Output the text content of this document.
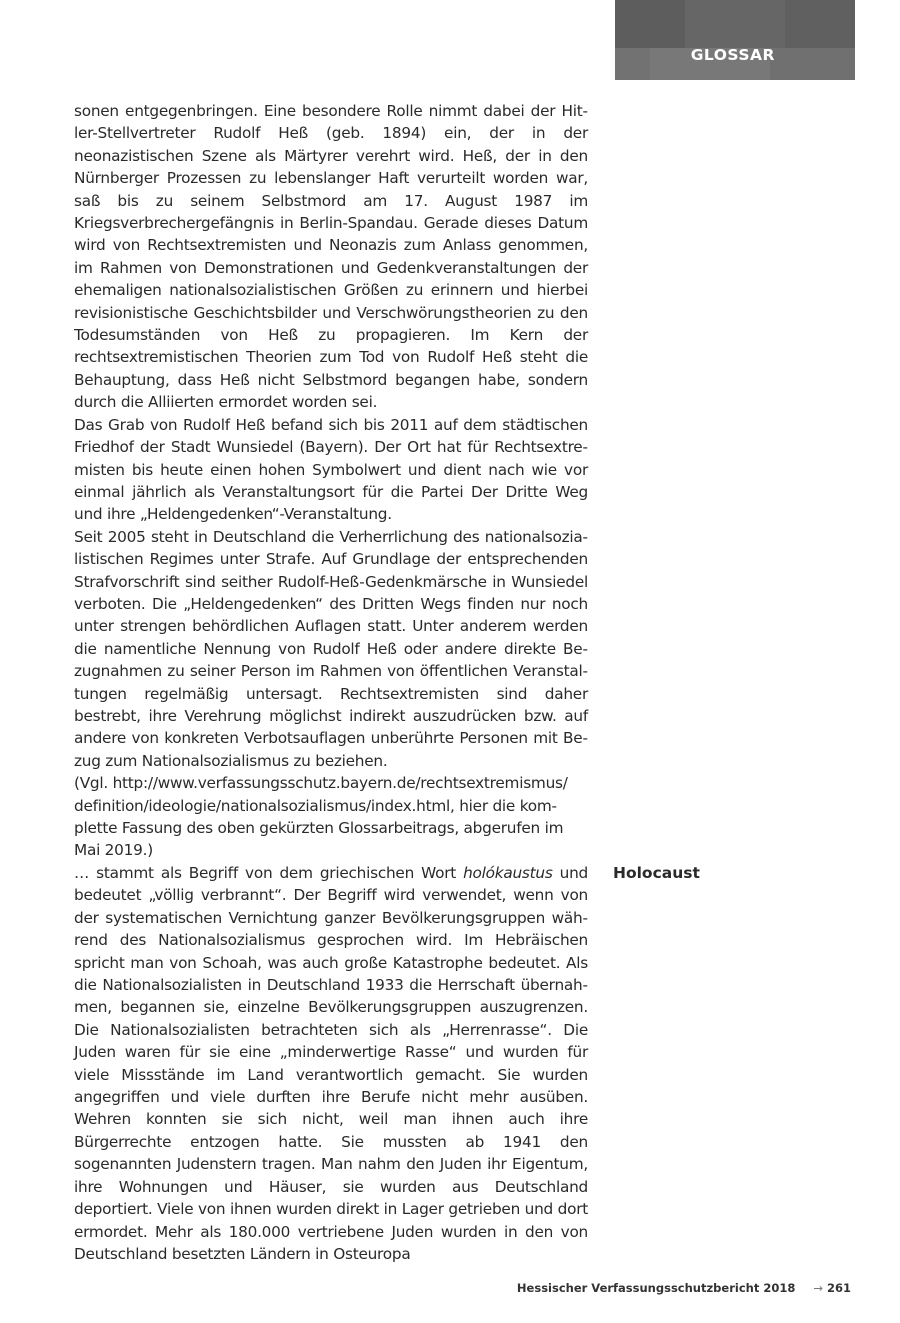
GLOSSAR

sonen entgegenbringen. Eine besondere Rolle nimmt dabei der Hitler-Stellvertreter Rudolf Heß (geb. 1894) ein, der in der neonazistischen Szene als Märtyrer verehrt wird. Heß, der in den Nürnberger Prozessen zu lebenslanger Haft verurteilt worden war, saß bis zu seinem Selbstmord am 17. August 1987 im Kriegsverbrechergefängnis in Berlin-Spandau. Gerade dieses Datum wird von Rechtsextremisten und Neonazis zum Anlass genommen, im Rahmen von Demonstrationen und Gedenkveranstaltungen der ehemaligen nationalsozialistischen Größen zu erinnern und hierbei revisionistische Geschichtsbilder und Verschwörungstheorien zu den Todesumständen von Heß zu propagieren. Im Kern der rechtsextremistischen Theorien zum Tod von Rudolf Heß steht die Behauptung, dass Heß nicht Selbstmord begangen habe, sondern durch die Alliierten ermordet worden sei.

Das Grab von Rudolf Heß befand sich bis 2011 auf dem städtischen Friedhof der Stadt Wunsiedel (Bayern). Der Ort hat für Rechtsextremisten bis heute einen hohen Symbolwert und dient nach wie vor einmal jährlich als Veranstaltungsort für die Partei Der Dritte Weg und ihre „Heldengedenken“-Veranstaltung.

Seit 2005 steht in Deutschland die Verherrlichung des nationalsozialistischen Regimes unter Strafe. Auf Grundlage der entsprechenden Strafvorschrift sind seither Rudolf-Heß-Gedenkmärsche in Wunsiedel verboten. Die „Heldengedenken“ des Dritten Wegs finden nur noch unter strengen behördlichen Auflagen statt. Unter anderem werden die namentliche Nennung von Rudolf Heß oder andere direkte Bezugnahmen zu seiner Person im Rahmen von öffentlichen Veranstaltungen regelmäßig untersagt. Rechtsextremisten sind daher bestrebt, ihre Verehrung möglichst indirekt auszudrücken bzw. auf andere von konkreten Verbotsauflagen unberührte Personen mit Bezug zum Nationalsozialismus zu beziehen.

(Vgl. http://www.verfassungsschutz.bayern.de/rechtsextremismus/ definition/ideologie/nationalsozialismus/index.html, hier die komplette Fassung des oben gekürzten Glossarbeitrags, abgerufen im Mai 2019.)

Holocaust

… stammt als Begriff von dem griechischen Wort holókaustus und bedeutet „völlig verbrannt“. Der Begriff wird verwendet, wenn von der systematischen Vernichtung ganzer Bevölkerungsgruppen während des Nationalsozialismus gesprochen wird. Im Hebräischen spricht man von Schoah, was auch große Katastrophe bedeutet. Als die Nationalsozialisten in Deutschland 1933 die Herrschaft übernahmen, begannen sie, einzelne Bevölkerungsgruppen auszugrenzen. Die Nationalsozialisten betrachteten sich als „Herrenrasse“. Die Juden waren für sie eine „minderwertige Rasse“ und wurden für viele Missstände im Land verantwortlich gemacht. Sie wurden angegriffen und viele durften ihre Berufe nicht mehr ausüben. Wehren konnten sie sich nicht, weil man ihnen auch ihre Bürgerrechte entzogen hatte. Sie mussten ab 1941 den sogenannten Judenstern tragen. Man nahm den Juden ihr Eigentum, ihre Wohnungen und Häuser, sie wurden aus Deutschland deportiert. Viele von ihnen wurden direkt in Lager getrieben und dort ermordet. Mehr als 180.000 vertriebene Juden wurden in den von Deutschland besetzten Ländern in Osteuropa

Hessischer Verfassungsschutzbericht 2018 → 261
